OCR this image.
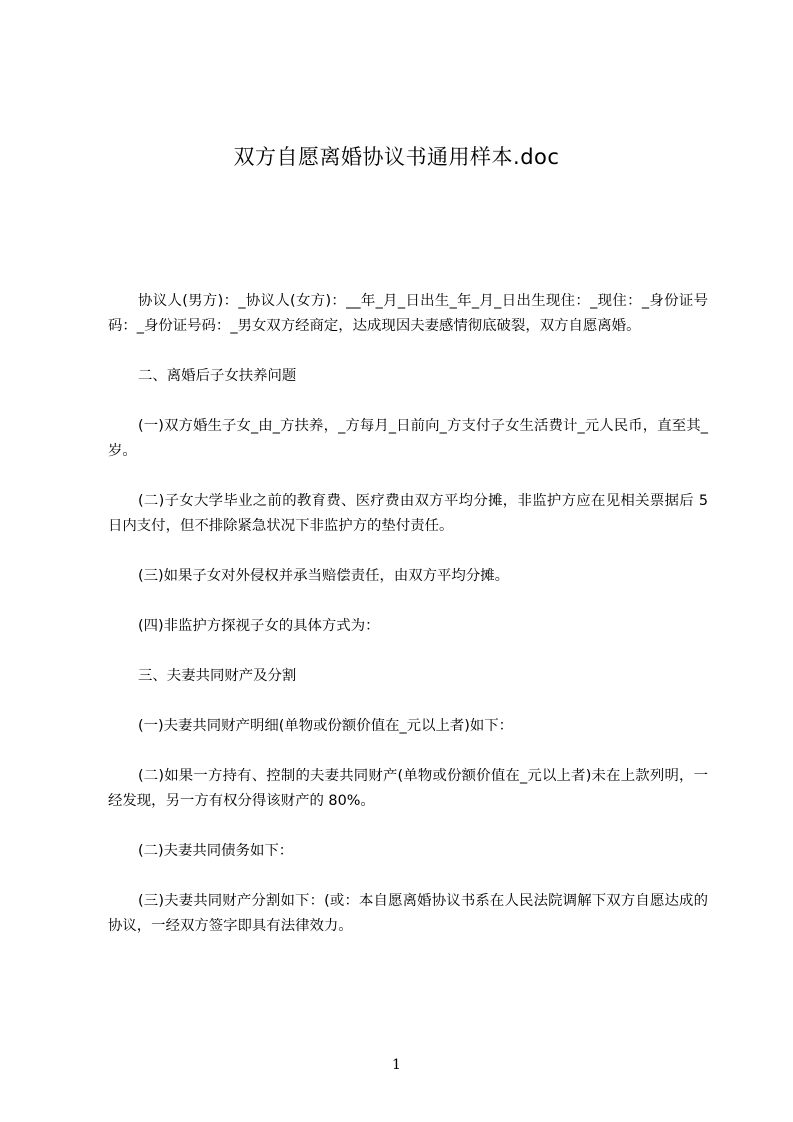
双方自愿离婚协议书通用样本.doc

协议人(男方)：_协议人(女方)：__年_月_日出生_年_月_日出生现住：_现住：_身份证号码：_身份证号码：_男女双方经商定，达成现因夫妻感情彻底破裂，双方自愿离婚。

二、离婚后子女扶养问题

(一)双方婚生子女_由_方扶养，_方每月_日前向_方支付子女生活费计_元人民币，直至其_岁。

(二)子女大学毕业之前的教育费、医疗费由双方平均分摊，非监护方应在见相关票据后 5 日内支付，但不排除紧急状况下非监护方的垫付责任。

(三)如果子女对外侵权并承当赔偿责任，由双方平均分摊。

(四)非监护方探视子女的具体方式为：

三、夫妻共同财产及分割

(一)夫妻共同财产明细(单物或份额价值在_元以上者)如下：

(二)如果一方持有、控制的夫妻共同财产(单物或份额价值在_元以上者)未在上款列明，一经发现，另一方有权分得该财产的 80%。

(二)夫妻共同债务如下：

(三)夫妻共同财产分割如下：(或：本自愿离婚协议书系在人民法院调解下双方自愿达成的协议，一经双方签字即具有法律效力。

1
